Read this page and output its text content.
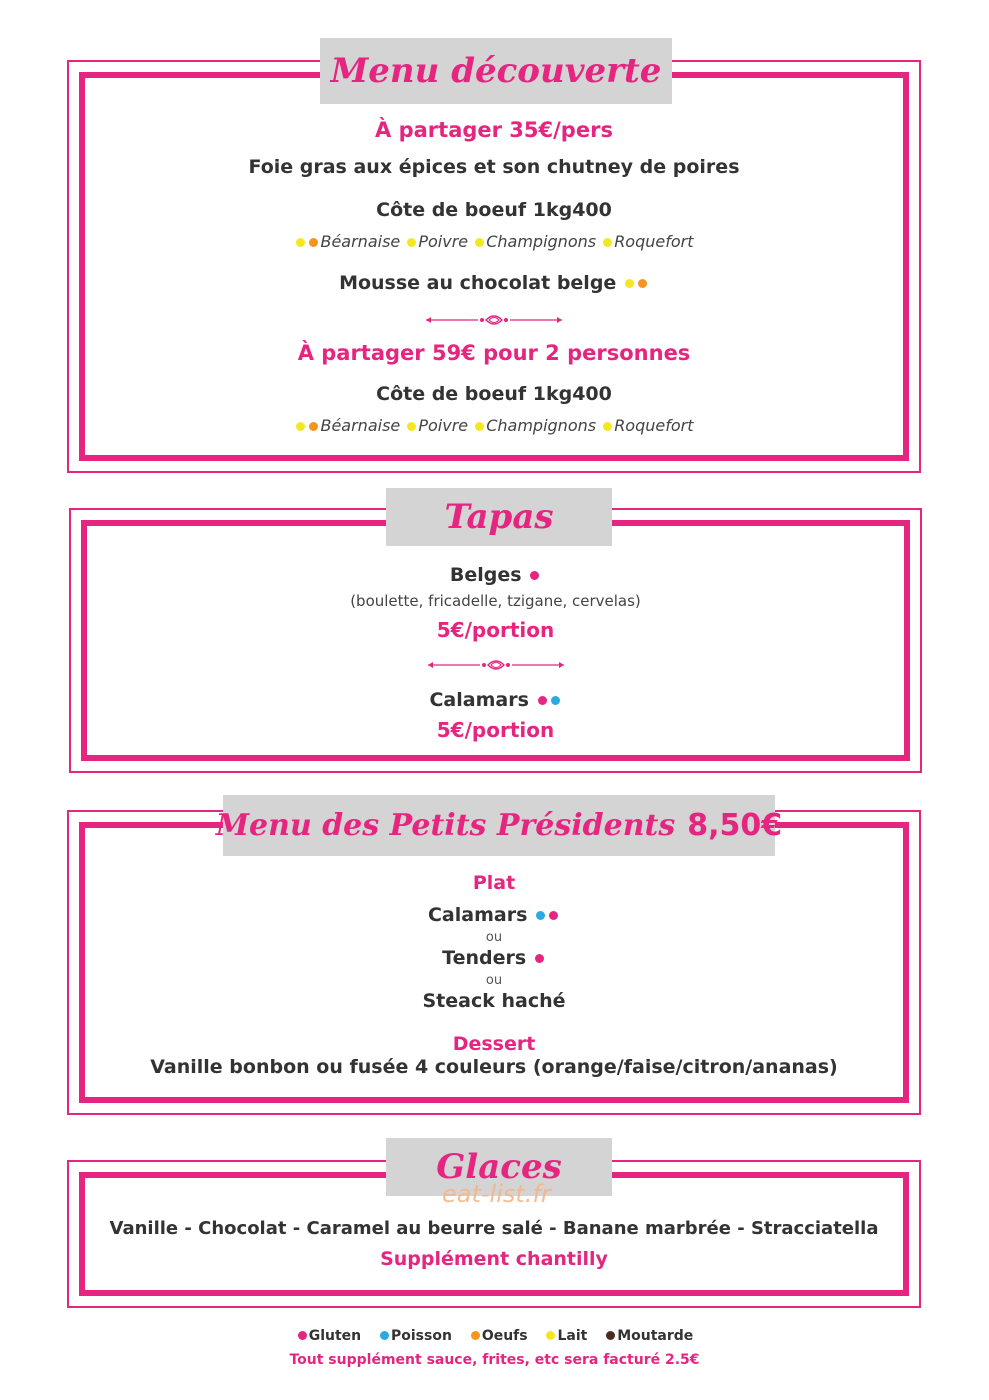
À partager 35€/pers
Foie gras aux épices et son chutney de poires
Côte de boeuf 1kg400
Béarnaise Poivre Champignons Roquefort
Mousse au chocolat belge
À partager 59€ pour 2 personnes
Côte de boeuf 1kg400
Béarnaise Poivre Champignons Roquefort
Menu découverte
Belges
(boulette, fricadelle, tzigane, cervelas)
5€/portion
Calamars
5€/portion
Tapas
Plat
Calamars
ou
Tenders
ou
Steack haché
Dessert
Vanille bonbon ou fusée 4 couleurs (orange/faise/citron/ananas)
Menu des Petits Présidents 8,50€
Vanille - Chocolat - Caramel au beurre salé - Banane marbrée - Stracciatella
Supplément chantilly
Glaces
eat-list.fr
Gluten Poisson Oeufs Lait Moutarde
Tout supplément sauce, frites, etc sera facturé 2.5€
